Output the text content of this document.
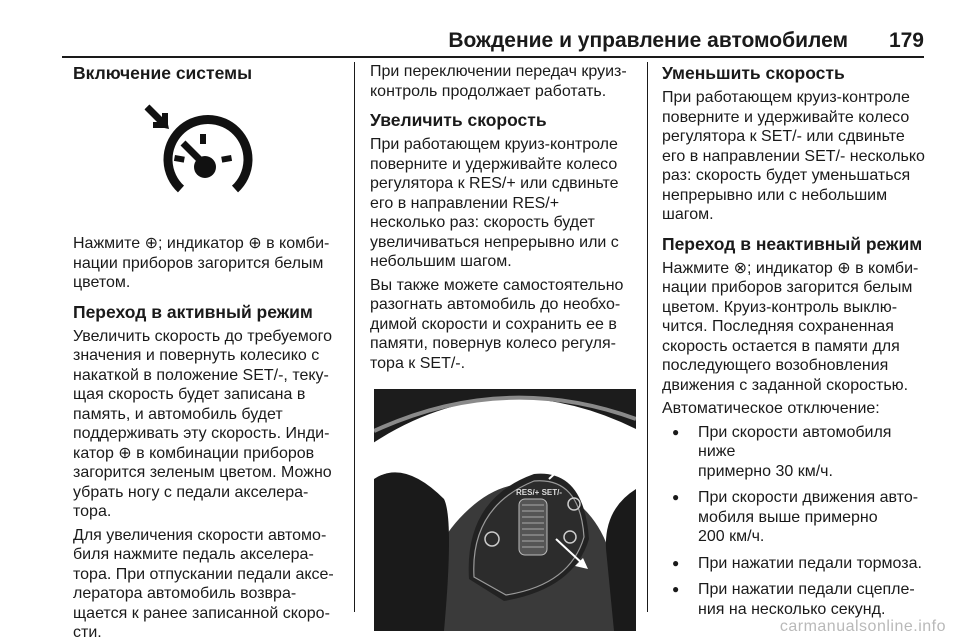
Вождение и управление автомобилем 179
Включение системы

Нажмите ⊕; индикатор ⊕ в комби-

нации приборов загорится белым

цветом.

Переход в активный режим

Увеличить скорость до требуемого

значения и повернуть колесико с

накаткой в положение SET/-, теку-

щая скорость будет записана в

память, и автомобиль будет

поддерживать эту скорость. Инди-

катор ⊕ в комбинации приборов

загорится зеленым цветом. Можно

убрать ногу с педали акселера-

тора.

Для увеличения скорости автомо-

биля нажмите педаль акселера-

тора. При отпускании педали аксе-

лератора автомобиль возвра-

щается к ранее записанной скоро-

сти.

При переключении передач круиз-

контроль продолжает работать.

Увеличить скорость

При работающем круиз-контроле

поверните и удерживайте колесо

регулятора к RES/+ или сдвиньте

его в направлении RES/+

несколько раз: скорость будет

увеличиваться непрерывно или с

небольшим шагом.

Вы также можете самостоятельно

разогнать автомобиль до необхо-

димой скорости и сохранить ее в

памяти, повернув колесо регуля-

тора к SET/-.

RES/+ SET/-
Уменьшить скорость

При работающем круиз-контроле

поверните и удерживайте колесо

регулятора к SET/- или сдвиньте

его в направлении SET/- несколько

раз: скорость будет уменьшаться

непрерывно или с небольшим

шагом.

Переход в неактивный режим

Нажмите ⊗; индикатор ⊕ в комби-

нации приборов загорится белым

цветом. Круиз-контроль выклю-

чится. Последняя сохраненная

скорость остается в памяти для

последующего возобновления

движения с заданной скоростью.

Автоматическое отключение:

● При скорости автомобиля ниже
примерно 30 км/ч.
● При скорости движения авто-
мобиля выше примерно
200 км/ч.
● При нажатии педали тормоза.
● При нажатии педали сцепле-
ния на несколько секунд.
carmanualsonline.info
